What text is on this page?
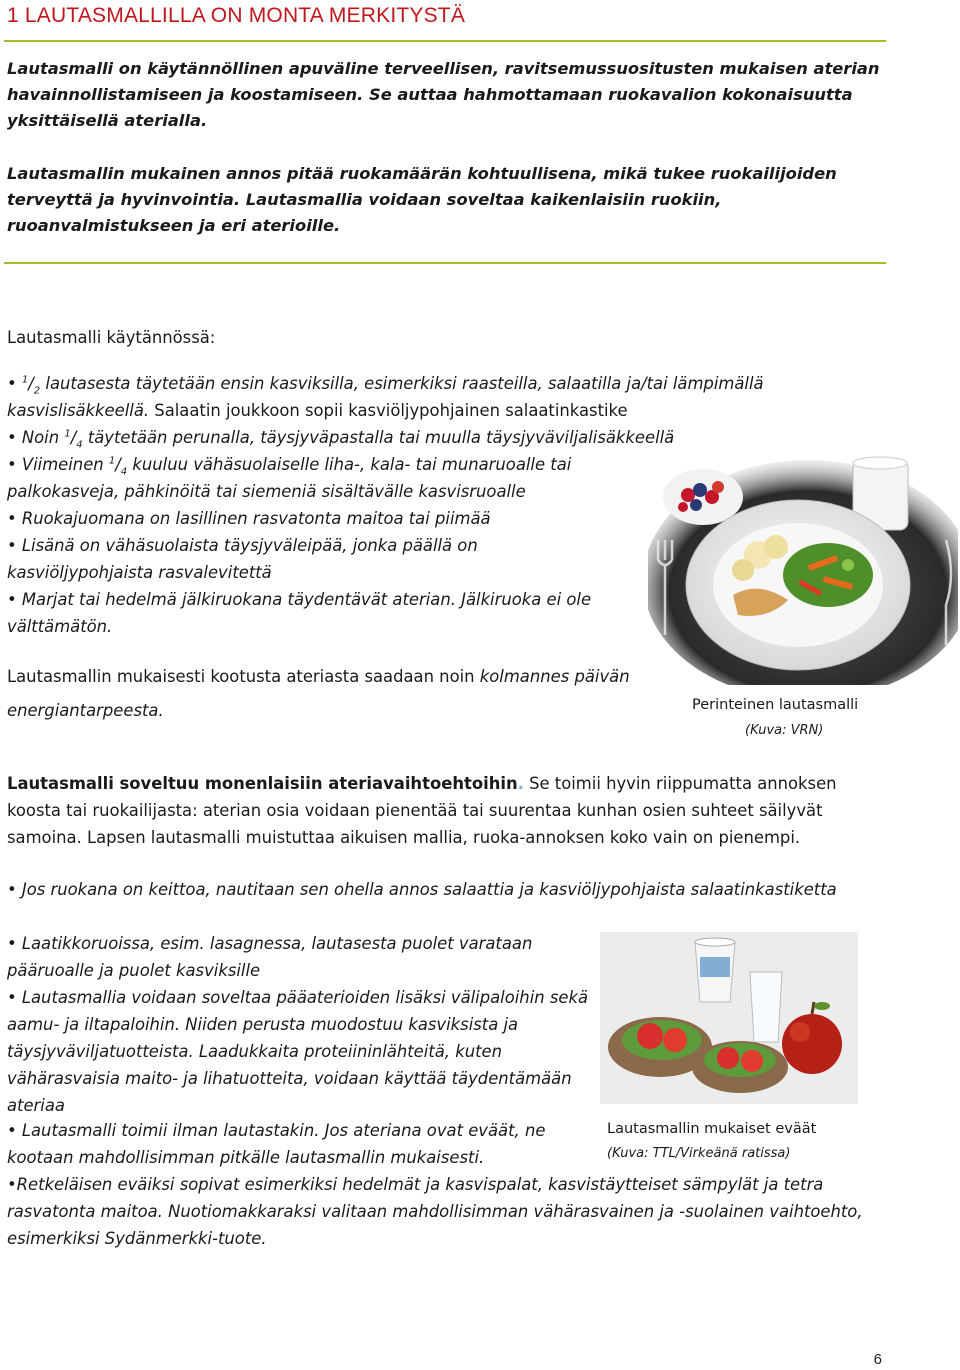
1 LAUTASMALLILLA ON MONTA MERKITYSTÄ
Lautasmalli on käytännöllinen apuväline terveellisen, ravitsemussuositusten mukaisen aterian havainnollistamiseen ja koostamiseen. Se auttaa hahmottamaan ruokavalion kokonaisuutta yksittäisellä aterialla.
Lautasmallin mukainen annos pitää ruokamäärän kohtuullisena, mikä tukee ruokailijoiden terveyttä ja hyvinvointia. Lautasmallia voidaan soveltaa kaikenlaisiin ruokiin, ruoanvalmistukseen ja eri aterioille.
Lautasmalli käytännössä:
• $^1/_2$ lautasesta täytetään ensin kasviksilla, esimerkiksi raasteilla, salaatilla ja/tai lämpimällä kasvislisäkkeellä. Salaatin joukkoon sopii kasviöljypohjainen salaatinkastike
• Noin $^1/_4$ täytetään perunalla, täysjyväpastalla tai muulla täysjyväviljalisäkkeellä
• Viimeinen $^1/_4$ kuuluu vähäsuolaiselle liha-, kala- tai munaruoalle tai palkokasveja, pähkinöitä tai siemeniä sisältävälle kasvisruoalle
• Ruokajuomana on lasillinen rasvatonta maitoa tai piimää
• Lisänä on vähäsuolaista täysjyväleipää, jonka päällä on kasviöljypohjaista rasvalevitettä
• Marjat tai hedelmä jälkiruokana täydentävät aterian. Jälkiruoka ei ole välttämätön.
Lautasmallin mukaisesti kootusta ateriasta saadaan noin kolmannes päivän energiantarpeesta.	Perinteinen lautasmalli
(Kuva: VRN)
Lautasmalli soveltuu monenlaisiin ateriavaihtoehtoihin. Se toimii hyvin riippumatta annoksen koosta tai ruokailijasta: aterian osia voidaan pienentää tai suurentaa kunhan osien suhteet säilyvät samoina. Lapsen lautasmalli muistuttaa aikuisen mallia, ruoka-annoksen koko vain on pienempi.
• Jos ruokana on keittoa, nautitaan sen ohella annos salaattia ja kasviöljypohjaista salaatinkastiketta
• Laatikkoruoissa, esim. lasagnessa, lautasesta puolet varataan pääruoalle ja puolet kasviksille
• Lautasmallia voidaan soveltaa pääaterioiden lisäksi välipaloihin sekä aamu- ja iltapaloihin. Niiden perusta muodostuu kasviksista ja täysjyväviljatuotteista. Laadukkaita proteiininlähteitä, kuten vähärasvaisia maito- ja lihatuotteita, voidaan käyttää täydentämään ateriaa
• Lautasmalli toimii ilman lautastakin. Jos ateriana ovat eväät, ne kootaan mahdollisimman pitkälle lautasmallin mukaisesti.
•Retkeläisen eväiksi sopivat esimerkiksi hedelmät ja kasvispalat, kasvistäytteiset sämpylät ja tetra rasvatonta maitoa. Nuotiomakkaraksi valitaan mahdollisimman vähärasvainen ja -suolainen vaihtoehto, esimerkiksi Sydänmerkki-tuote.
Lautasmallin mukaiset eväät
(Kuva: TTL/Virkeänä ratissa)
6
